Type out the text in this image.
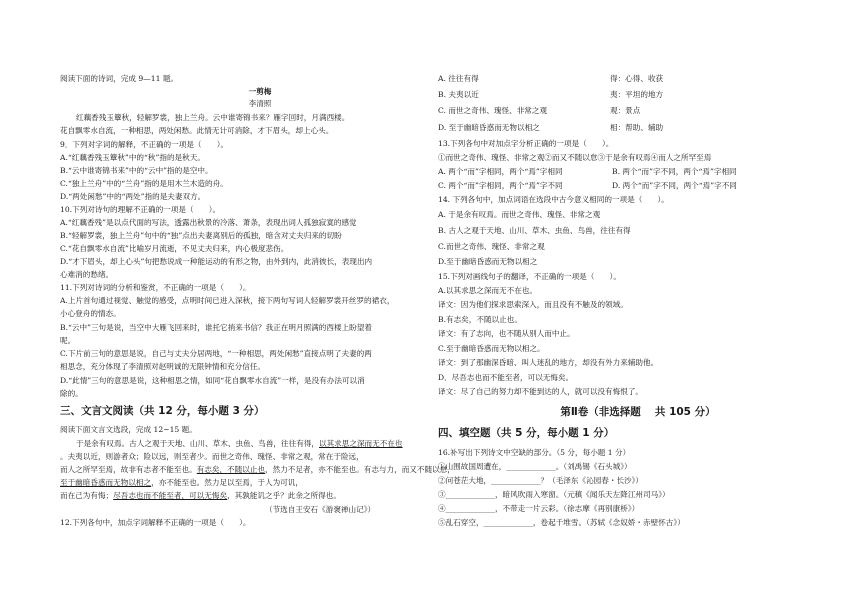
阅读下面的诗词，完成 9—11 题。
一剪梅
李清照
红藕香残玉簟秋，轻解罗裳，独上兰舟。云中谁寄锦书来？雁字回时，月满西楼。
花自飘零水自流，一种相思，两处闲愁。此情无计可消除，才下眉头，却上心头。
9．下列对字词的解释，不正确的一项是（　　）。
A.“红藕香残玉簟秋”中的“秋”指的是秋天。
B.“云中谁寄锦书来”中的“云中”指的是空中。
C.“独上兰舟”中的“兰舟”指的是用木兰木造的舟。
D.“两处闲愁”中的“两处”指的是夫妻双方。
10.下列对诗句的理解不正确的一项是（　　）。
A.“红藕香残”是以点代面的写法，透露出秋景的冷落、萧条，表现出词人孤独寂寞的感觉
B.“轻解罗裳，独上兰舟”句中的“独”点出夫妻离别后的孤独，暗含对丈夫归来的切盼
C.“花自飘零水自流”比喻岁月流逝，不见丈夫归来，内心极度悲伤。
D.“才下眉头，却上心头”句把愁说成一种能运动的有形之物，由外到内，此消彼长，表现出内
心难消的愁绪。
11.下列对诗词的分析和鉴赏，不正确的一项是（　　）。
A.上片首句通过视觉、触觉的感受，点明时间已进入深秋，接下两句写词人轻解罗裳开丝罗的裙衣，
小心登舟的情态。
B.“云中”三句是说，当空中大雁飞回来时，谁托它捎来书信？我正在明月照满的西楼上盼望着
呢。
C.下片前三句的意思是说，自己与丈夫分居两地，“一种相思，两处闲愁”直接点明了夫妻的两
相思念，充分体现了李清照对赵明诚的无限钟情和充分信任。
D.“此情”三句的意思是说，这种相思之情，如同“花自飘零水自流”一样，是没有办法可以消
除的。
三、文言文阅读（共 12 分，每小题 3 分）
阅读下面文言文选段，完成 12~15 题。
于是余有叹焉。古人之观于天地、山川、草木、虫鱼、鸟兽，往往有得，以其求思之深而无不在也
。夫夷以近，则游者众；险以远，则至者少。而世之奇伟、瑰怪、非常之观，常在于险远，
而人之所罕至焉，故非有志者不能至也。有志矣，不随以止也，然力不足者，亦不能至也。有志与力，而又不随以怠，
至于幽暗昏惑而无物以相之，亦不能至也。然力足以至焉，于人为可讥，
而在己为有悔；尽吾志也而不能至者，可以无悔矣，其孰能讥之乎？此余之所得也。
（节选自王安石《游褒禅山记》）
12.下列各句中，加点字词解释不正确的一项是（　　）。
A. 往往有得	得：心得、收获
B. 夫夷以近	夷：平坦的地方
C. 而世之奇伟、瑰怪、非常之观	观：景点
D. 至于幽暗昏惑而无物以相之	相：帮助、辅助
13.下列各句中对加点字分析正确的一项是（　　）。
①而世之奇伟、瑰怪、非常之观②而又不随以怠③于是余有叹焉④而人之所罕至焉
A. 两个“而”字相同，两个“焉”字相同	B. 两个“而”字不同，两个“焉”字相同
C. 两个“而”字相同，两个“焉”字不同	D. 两个“而”字不同，两个“焉”字不同
14. 下列各句中，加点词语在选段中古今意义相同的一项是（　　）。
A. 于是余有叹焉。而世之奇伟、瑰怪、非常之观
B. 古人之观于天地、山川、草木、虫鱼、鸟兽，往往有得
C.而世之奇伟、瑰怪、非常之观
D.至于幽暗昏惑而无物以相之
15.下列对画线句子的翻译，不正确的一项是（　　）。
A.以其求思之深而无不在也。
译文：因为他们探求思索深入，而且没有不触及的领域。
B.有志矣，不随以止也。
译文：有了志向，也不随从别人而中止。
C.至于幽暗昏惑而无物以相之。
译文：到了那幽深昏暗、叫人迷乱的地方，却没有外力来辅助他。
D．尽吾志也而不能至者，可以无悔矣。
译文：尽了自己的努力却不能到达的人，就可以没有悔恨了。
第Ⅱ卷（非选择题　 共 105 分）
四、填空题（共 5 分，每小题 1 分）
16.补写出下列诗文中空缺的部分。（5 分，每小题 1 分）
①山围故国周遭在，_____________。（刘禹锡《石头城》）
②问苍茫大地，_____________？（毛泽东《沁园春・长沙》）
③_____________，暗风吹雨入寒窗。（元稹《闻乐天左降江州司马》）
④_____________，不带走一片云彩。（徐志摩《再别康桥》）
⑤乱石穿空，_____________，卷起千堆雪。（苏轼《念奴娇・赤壁怀古》）
